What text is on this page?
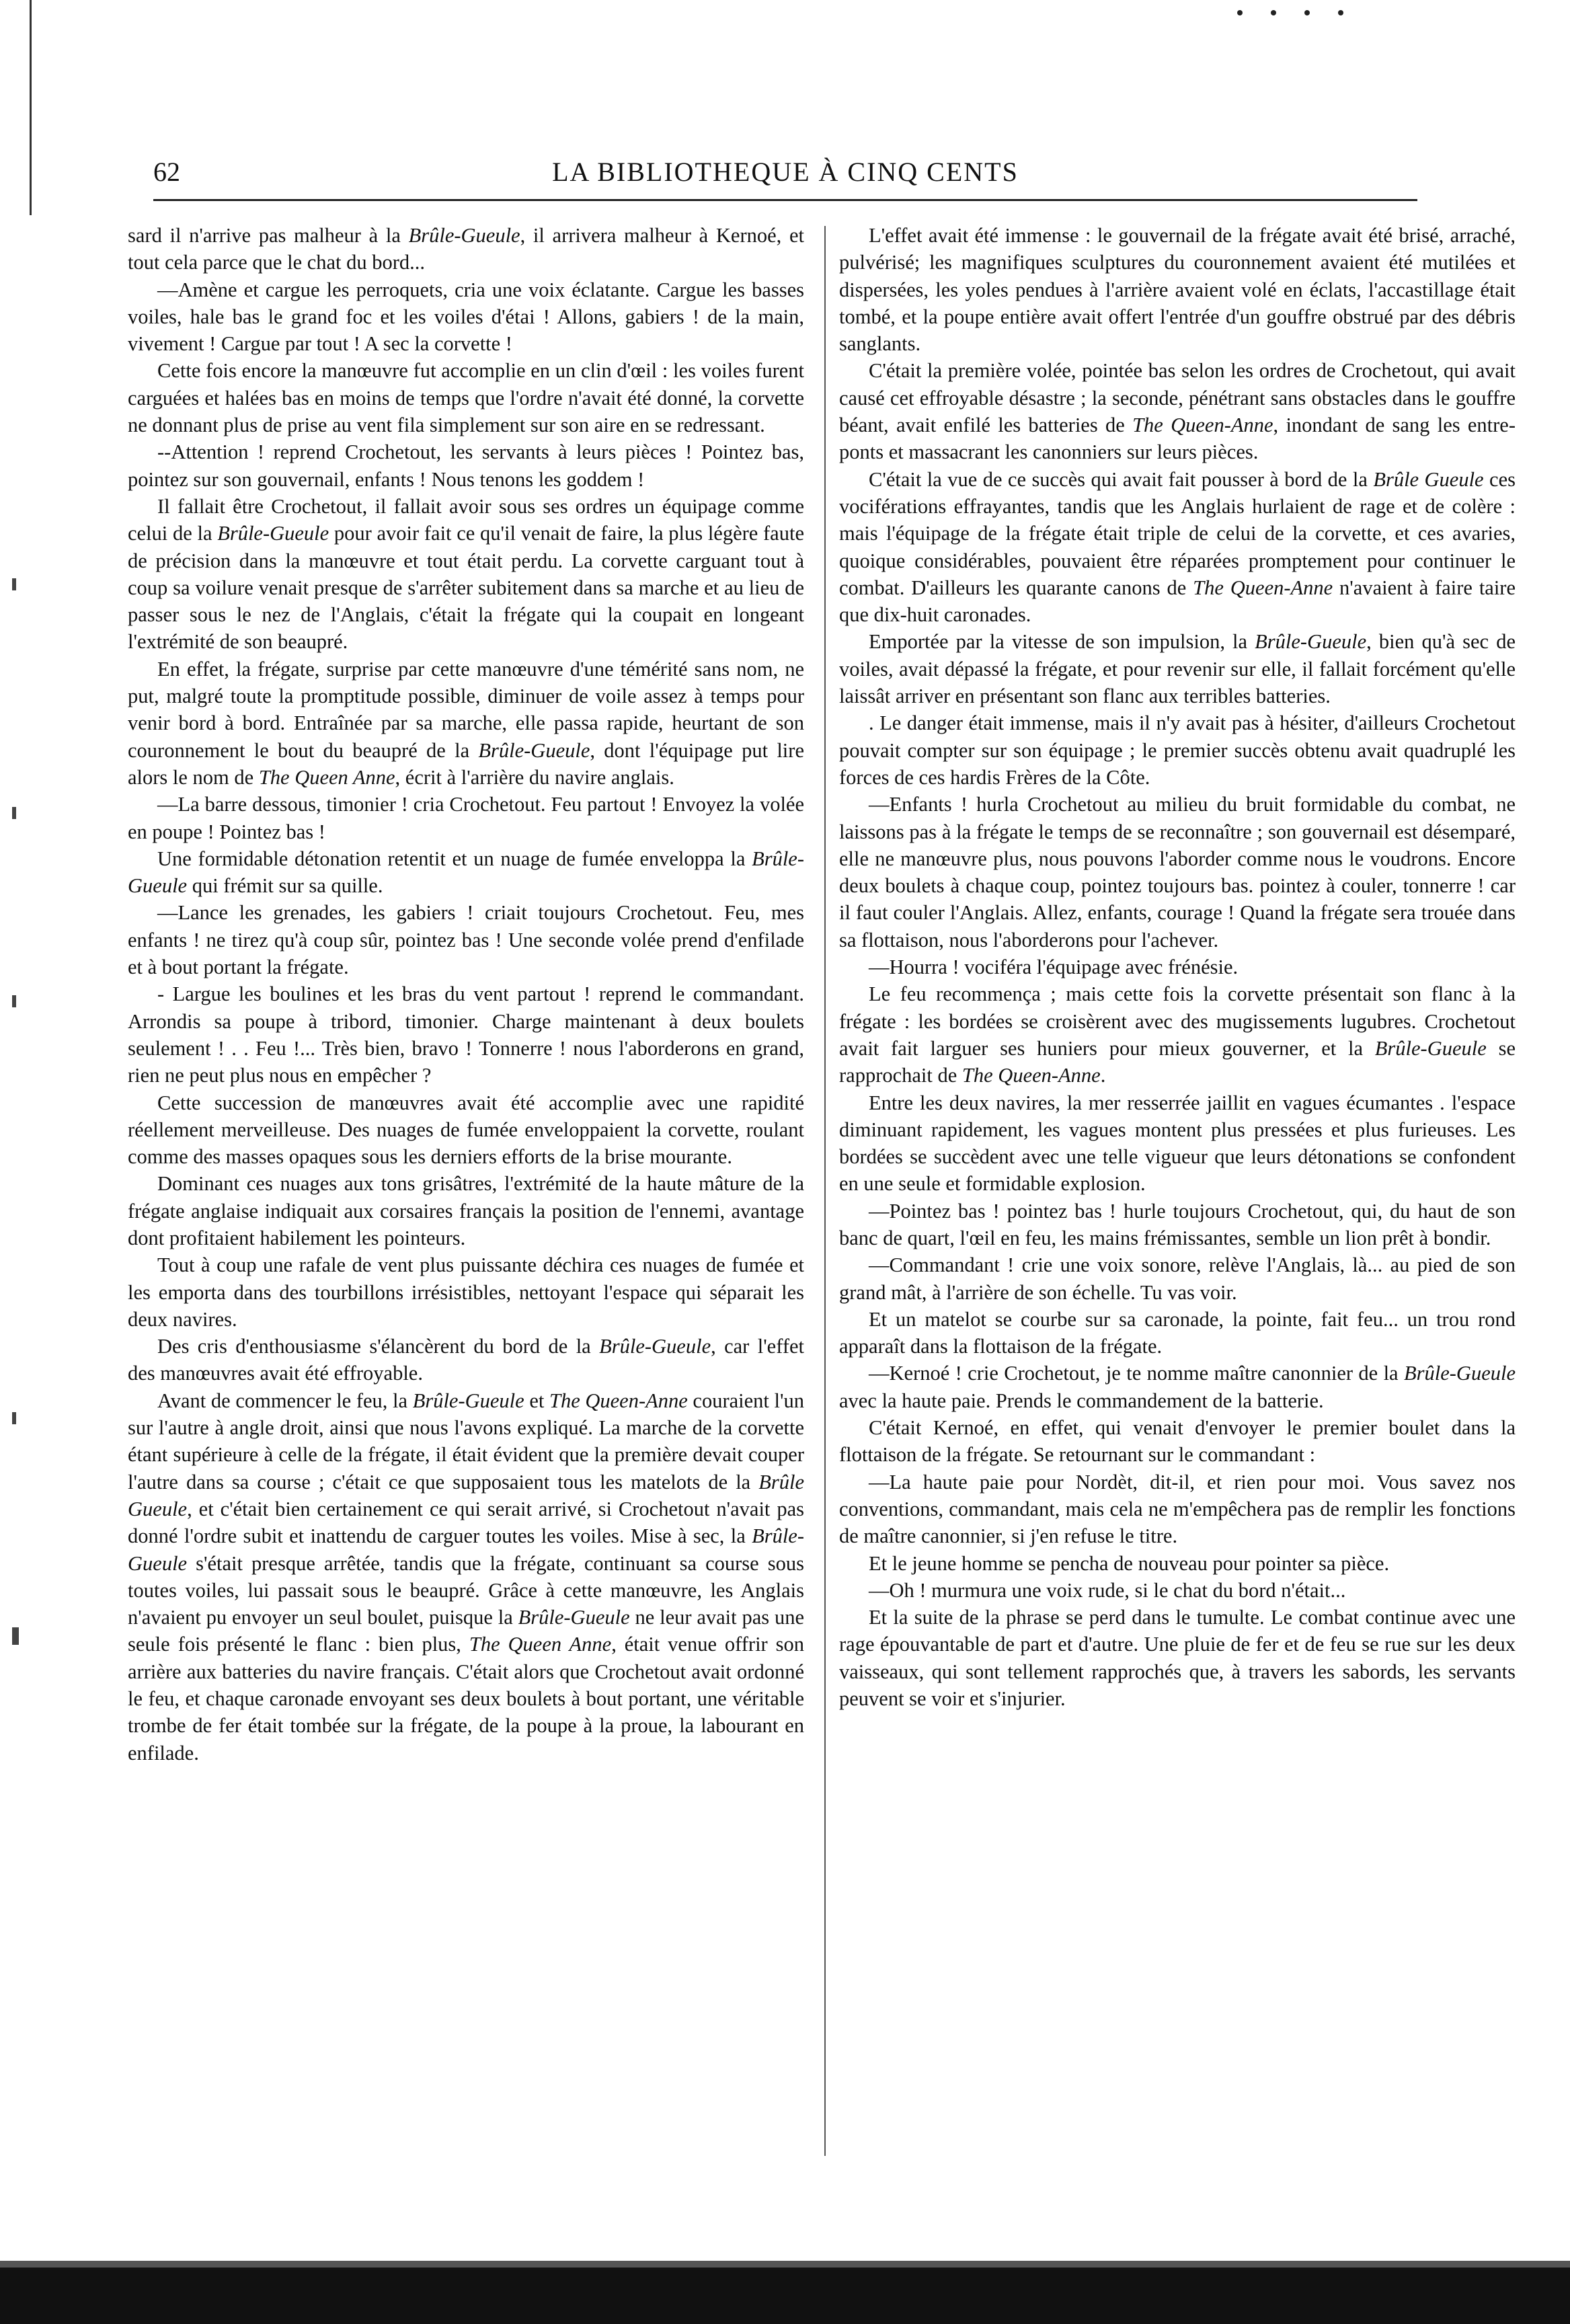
62	LA BIBLIOTHEQUE À CINQ CENTS

sard il n'arrive pas malheur à la Brûle-Gueule, il arrivera malheur à Kernoé, et tout cela parce que le chat du bord...

—Amène et cargue les perroquets, cria une voix éclatante. Cargue les basses voiles, hale bas le grand foc et les voiles d'étai ! Allons, gabiers ! de la main, vivement ! Cargue par tout ! A sec la corvette !

Cette fois encore la manœuvre fut accomplie en un clin d'œil : les voiles furent carguées et halées bas en moins de temps que l'ordre n'avait été donné, la corvette ne donnant plus de prise au vent fila simplement sur son aire en se redressant.

--Attention ! reprend Crochetout, les servants à leurs pièces ! Pointez bas, pointez sur son gouvernail, enfants ! Nous tenons les goddem !

Il fallait être Crochetout, il fallait avoir sous ses ordres un équipage comme celui de la Brûle-Gueule pour avoir fait ce qu'il venait de faire, la plus légère faute de précision dans la manœuvre et tout était perdu. La corvette carguant tout à coup sa voilure venait presque de s'arrêter subitement dans sa marche et au lieu de passer sous le nez de l'Anglais, c'était la frégate qui la coupait en longeant l'extrémité de son beaupré.

En effet, la frégate, surprise par cette manœuvre d'une témérité sans nom, ne put, malgré toute la promptitude possible, diminuer de voile assez à temps pour venir bord à bord. Entraînée par sa marche, elle passa rapide, heurtant de son couronnement le bout du beaupré de la Brûle-Gueule, dont l'équipage put lire alors le nom de The Queen Anne, écrit à l'arrière du navire anglais.

—La barre dessous, timonier ! cria Crochetout. Feu partout ! Envoyez la volée en poupe ! Pointez bas !

Une formidable détonation retentit et un nuage de fumée enveloppa la Brûle-Gueule qui frémit sur sa quille.

—Lance les grenades, les gabiers ! criait toujours Crochetout. Feu, mes enfants ! ne tirez qu'à coup sûr, pointez bas ! Une seconde volée prend d'enfilade et à bout portant la frégate.

- Largue les boulines et les bras du vent partout ! reprend le commandant. Arrondis sa poupe à tribord, timonier. Charge maintenant à deux boulets seulement ! . . Feu !... Très bien, bravo ! Tonnerre ! nous l'aborderons en grand, rien ne peut plus nous en empêcher ?

Cette succession de manœuvres avait été accomplie avec une rapidité réellement merveilleuse. Des nuages de fumée enveloppaient la corvette, roulant comme des masses opaques sous les derniers efforts de la brise mourante.

Dominant ces nuages aux tons grisâtres, l'extrémité de la haute mâture de la frégate anglaise indiquait aux corsaires français la position de l'ennemi, avantage dont profitaient habilement les pointeurs.

Tout à coup une rafale de vent plus puissante déchira ces nuages de fumée et les emporta dans des tourbillons irrésistibles, nettoyant l'espace qui séparait les deux navires.

Des cris d'enthousiasme s'élancèrent du bord de la Brûle-Gueule, car l'effet des manœuvres avait été effroyable.

Avant de commencer le feu, la Brûle-Gueule et The Queen-Anne couraient l'un sur l'autre à angle droit, ainsi que nous l'avons expliqué. La marche de la corvette étant supérieure à celle de la frégate, il était évident que la première devait couper l'autre dans sa course ; c'était ce que supposaient tous les matelots de la Brûle Gueule, et c'était bien certainement ce qui serait arrivé, si Crochetout n'avait pas donné l'ordre subit et inattendu de carguer toutes les voiles. Mise à sec, la Brûle-Gueule s'était presque arrêtée, tandis que la frégate, continuant sa course sous toutes voiles, lui passait sous le beaupré. Grâce à cette manœuvre, les Anglais n'avaient pu envoyer un seul boulet, puisque la Brûle-Gueule ne leur avait pas une seule fois présenté le flanc : bien plus, The Queen Anne, était venue offrir son arrière aux batteries du navire français. C'était alors que Crochetout avait ordonné le feu, et chaque caronade envoyant ses deux boulets à bout portant, une véritable trombe de fer était tombée sur la frégate, de la poupe à la proue, la labourant en enfilade.

L'effet avait été immense : le gouvernail de la frégate avait été brisé, arraché, pulvérisé; les magnifiques sculptures du couronnement avaient été mutilées et dispersées, les yoles pendues à l'arrière avaient volé en éclats, l'accastillage était tombé, et la poupe entière avait offert l'entrée d'un gouffre obstrué par des débris sanglants.

C'était la première volée, pointée bas selon les ordres de Crochetout, qui avait causé cet effroyable désastre ; la seconde, pénétrant sans obstacles dans le gouffre béant, avait enfilé les batteries de The Queen-Anne, inondant de sang les entre-ponts et massacrant les canonniers sur leurs pièces.

C'était la vue de ce succès qui avait fait pousser à bord de la Brûle Gueule ces vociférations effrayantes, tandis que les Anglais hurlaient de rage et de colère : mais l'équipage de la frégate était triple de celui de la corvette, et ces avaries, quoique considérables, pouvaient être réparées promptement pour continuer le combat. D'ailleurs les quarante canons de The Queen-Anne n'avaient à faire taire que dix-huit caronades.

Emportée par la vitesse de son impulsion, la Brûle-Gueule, bien qu'à sec de voiles, avait dépassé la frégate, et pour revenir sur elle, il fallait forcément qu'elle laissât arriver en présentant son flanc aux terribles batteries.

. Le danger était immense, mais il n'y avait pas à hésiter, d'ailleurs Crochetout pouvait compter sur son équipage ; le premier succès obtenu avait quadruplé les forces de ces hardis Frères de la Côte.

—Enfants ! hurla Crochetout au milieu du bruit formidable du combat, ne laissons pas à la frégate le temps de se reconnaître ; son gouvernail est désemparé, elle ne manœuvre plus, nous pouvons l'aborder comme nous le voudrons. Encore deux boulets à chaque coup, pointez toujours bas. pointez à couler, tonnerre ! car il faut couler l'Anglais. Allez, enfants, courage ! Quand la frégate sera trouée dans sa flottaison, nous l'aborderons pour l'achever.

—Hourra ! vociféra l'équipage avec frénésie.

Le feu recommença ; mais cette fois la corvette présentait son flanc à la frégate : les bordées se croisèrent avec des mugissements lugubres. Crochetout avait fait larguer ses huniers pour mieux gouverner, et la Brûle-Gueule se rapprochait de The Queen-Anne.

Entre les deux navires, la mer resserrée jaillit en vagues écumantes . l'espace diminuant rapidement, les vagues montent plus pressées et plus furieuses. Les bordées se succèdent avec une telle vigueur que leurs détonations se confondent en une seule et formidable explosion.

—Pointez bas ! pointez bas ! hurle toujours Crochetout, qui, du haut de son banc de quart, l'œil en feu, les mains frémissantes, semble un lion prêt à bondir.

—Commandant ! crie une voix sonore, relève l'Anglais, là... au pied de son grand mât, à l'arrière de son échelle. Tu vas voir.

Et un matelot se courbe sur sa caronade, la pointe, fait feu... un trou rond apparaît dans la flottaison de la frégate.

—Kernoé ! crie Crochetout, je te nomme maître canonnier de la Brûle-Gueule avec la haute paie. Prends le commandement de la batterie.

C'était Kernoé, en effet, qui venait d'envoyer le premier boulet dans la flottaison de la frégate. Se retournant sur le commandant :

—La haute paie pour Nordèt, dit-il, et rien pour moi. Vous savez nos conventions, commandant, mais cela ne m'empêchera pas de remplir les fonctions de maître canonnier, si j'en refuse le titre.

Et le jeune homme se pencha de nouveau pour pointer sa pièce.

—Oh ! murmura une voix rude, si le chat du bord n'était...

Et la suite de la phrase se perd dans le tumulte. Le combat continue avec une rage épouvantable de part et d'autre. Une pluie de fer et de feu se rue sur les deux vaisseaux, qui sont tellement rapprochés que, à travers les sabords, les servants peuvent se voir et s'injurier.
